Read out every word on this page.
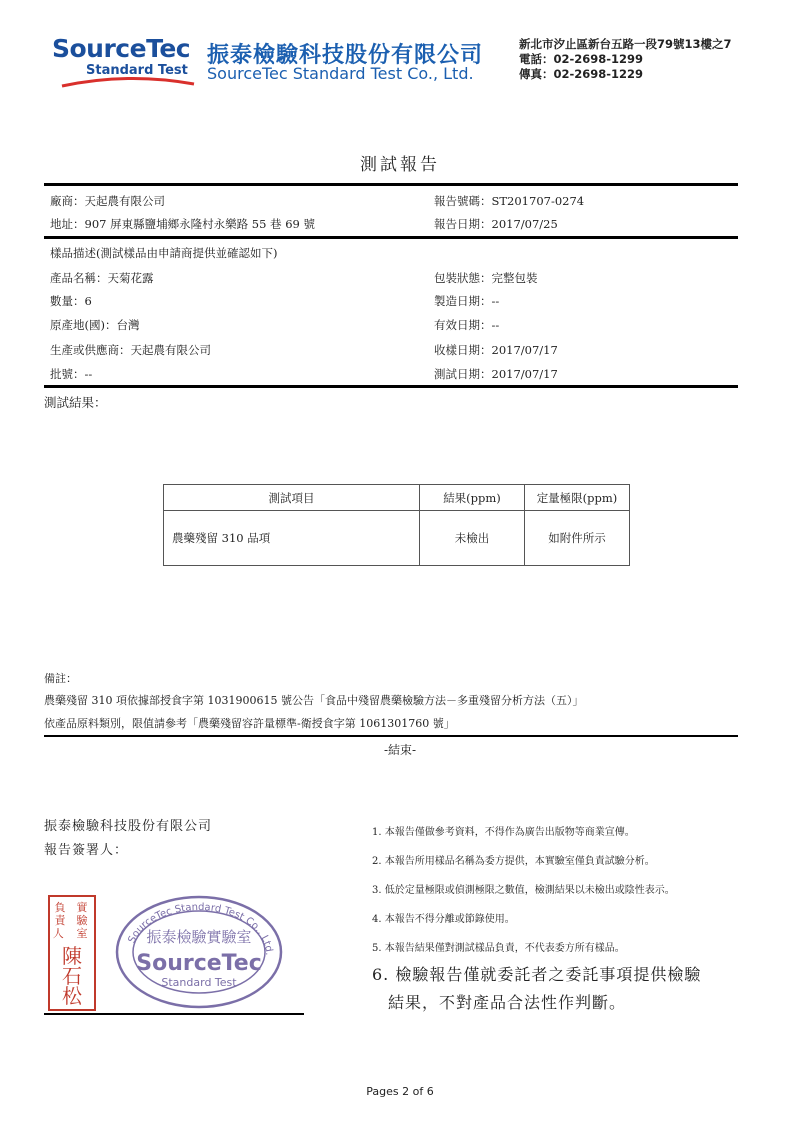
SourceTec
Standard Test
振泰檢驗科技股份有限公司
SourceTec Standard Test Co., Ltd.
新北市汐止區新台五路一段79號13樓之7
電話：02-2698-1299
傳真：02-2698-1229
測試報告
廠商：天起農有限公司	報告號碼：ST201707-0274
地址：907 屏東縣鹽埔鄉永隆村永樂路 55 巷 69 號	報告日期：2017/07/25
樣品描述(測試樣品由申請商提供並確認如下)
產品名稱：天菊花露	包裝狀態：完整包裝
數量：6	製造日期：--
原產地(國)：台灣	有效日期：--
生產或供應商：天起農有限公司	收樣日期：2017/07/17
批號：--	測試日期：2017/07/17
測試結果：
測試項目	結果(ppm)	定量極限(ppm)
農藥殘留 310 品項	未檢出	如附件所示
備註：
農藥殘留 310 項依據部授食字第 1031900615 號公告「食品中殘留農藥檢驗方法－多重殘留分析方法（五）」
依產品原料類別，限值請參考「農藥殘留容許量標準-衛授食字第 1061301760 號」
-結束-
振泰檢驗科技股份有限公司
報告簽署人：
負責人 實驗室
陳石松
SourceTec Standard Test Co., Ltd.
振泰檢驗實驗室
SourceTec
Standard Test
1. 本報告僅做參考資料，不得作為廣告出版物等商業宣傳。
2. 本報告所用樣品名稱為委方提供，本實驗室僅負責試驗分析。
3. 低於定量極限或偵測極限之數值，檢測結果以未檢出或陰性表示。
4. 本報告不得分離或節錄使用。
5. 本報告結果僅對測試樣品負責，不代表委方所有樣品。
6. 檢驗報告僅就委託者之委託事項提供檢驗
結果，不對產品合法性作判斷。
Pages 2 of 6
